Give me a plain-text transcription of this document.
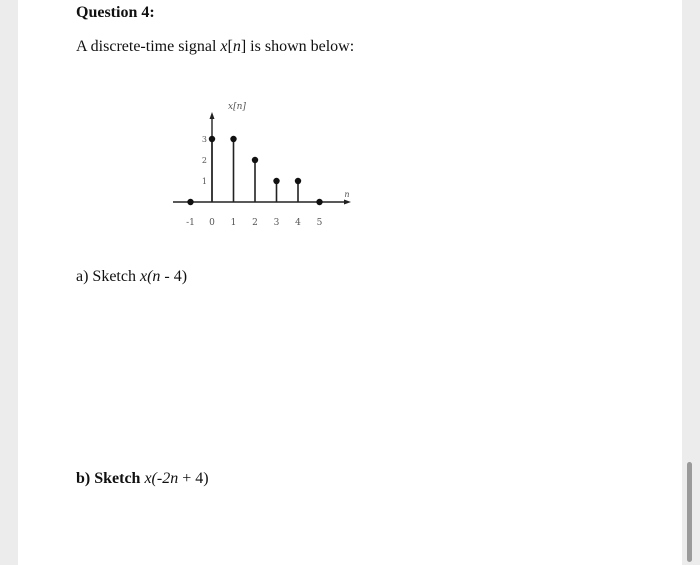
Question 4:
A discrete-time signal x[n] is shown below:
-1 0 1 2 3 4 5
1
2
3
x[n]
n
a) Sketch x(n - 4)
b) Sketch x(-2n + 4)
